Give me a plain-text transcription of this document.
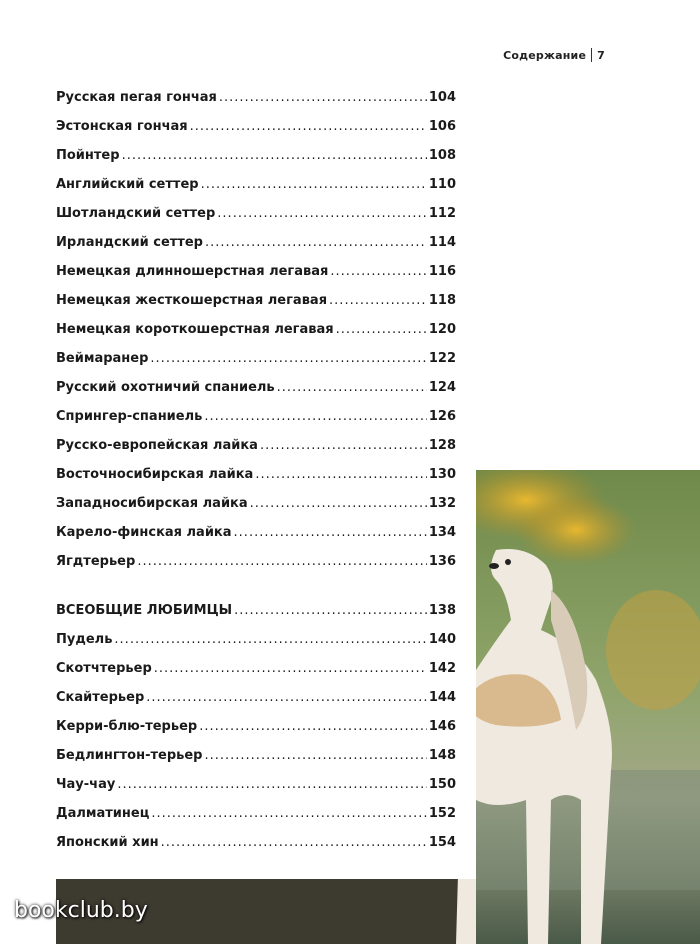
Содержание 7
Русская пегая гончая .....	104
Эстонская гончая .....	106
Пойнтер .....	108
Английский сеттер .....	110
Шотландский сеттер .....	112
Ирландский сеттер .....	114
Немецкая длинношерстная легавая .....	116
Немецкая жесткошерстная легавая .....	118
Немецкая короткошерстная легавая .....	120
Веймаранер .....	122
Русский охотничий спаниель .....	124
Спрингер-спаниель .....	126
Русско-европейская лайка .....	128
Восточносибирская лайка .....	130
Западносибирская лайка .....	132
Карело-финская лайка .....	134
Ягдтерьер .....	136
ВСЕОБЩИЕ ЛЮБИМЦЫ .....	138
Пудель .....	140
Скотчтерьер .....	142
Скайтерьер .....	144
Керри-блю-терьер .....	146
Бедлингтон-терьер .....	148
Чау-чау .....	150
Далматинец .....	152
Японский хин .....	154
bookclub.by
